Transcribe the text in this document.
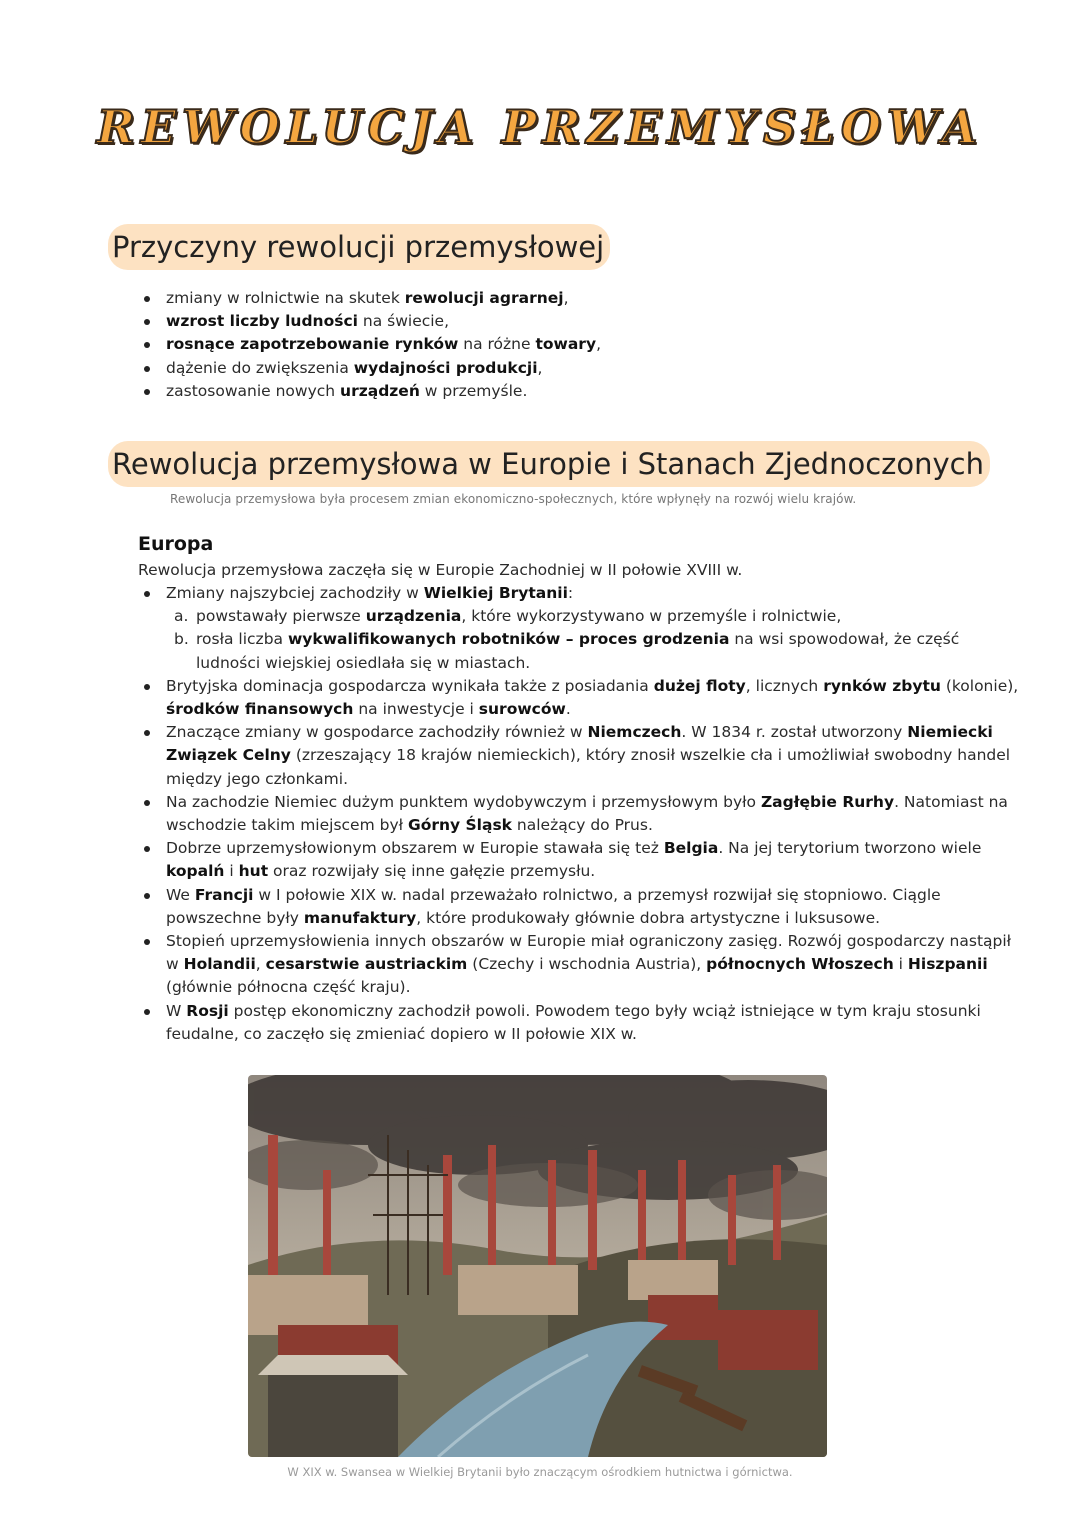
REWOLUCJA PRZEMYSŁOWA
Przyczyny rewolucji przemysłowej
zmiany w rolnictwie na skutek rewolucji agrarnej,
wzrost liczby ludności na świecie,
rosnące zapotrzebowanie rynków na różne towary,
dążenie do zwiększenia wydajności produkcji,
zastosowanie nowych urządzeń w przemyśle.
Rewolucja przemysłowa w Europie i Stanach Zjednoczonych
Rewolucja przemysłowa była procesem zmian ekonomiczno-społecznych, które wpłynęły na rozwój wielu krajów.
Europa
Rewolucja przemysłowa zaczęła się w Europie Zachodniej w II połowie XVIII w.
Zmiany najszybciej zachodziły w Wielkiej Brytanii:
a. powstawały pierwsze urządzenia, które wykorzystywano w przemyśle i rolnictwie,
b. rosła liczba wykwalifikowanych robotników – proces grodzenia na wsi spowodował, że część ludności wiejskiej osiedlała się w miastach.
Brytyjska dominacja gospodarcza wynikała także z posiadania dużej floty, licznych rynków zbytu (kolonie), środków finansowych na inwestycje i surowców.
Znaczące zmiany w gospodarce zachodziły również w Niemczech. W 1834 r. został utworzony Niemiecki Związek Celny (zrzeszający 18 krajów niemieckich), który znosił wszelkie cła i umożliwiał swobodny handel między jego członkami.
Na zachodzie Niemiec dużym punktem wydobywczym i przemysłowym było Zagłębie Rurhy. Natomiast na wschodzie takim miejscem był Górny Śląsk należący do Prus.
Dobrze uprzemysłowionym obszarem w Europie stawała się też Belgia. Na jej terytorium tworzono wiele kopalń i hut oraz rozwijały się inne gałęzie przemysłu.
We Francji w I połowie XIX w. nadal przeważało rolnictwo, a przemysł rozwijał się stopniowo. Ciągle powszechne były manufaktury, które produkowały głównie dobra artystyczne i luksusowe.
Stopień uprzemysłowienia innych obszarów w Europie miał ograniczony zasięg. Rozwój gospodarczy nastąpił w Holandii, cesarstwie austriackim (Czechy i wschodnia Austria), północnych Włoszech i Hiszpanii (głównie północna część kraju).
W Rosji postęp ekonomiczny zachodził powoli. Powodem tego były wciąż istniejące w tym kraju stosunki feudalne, co zaczęło się zmieniać dopiero w II połowie XIX w.
W XIX w. Swansea w Wielkiej Brytanii było znaczącym ośrodkiem hutnictwa i górnictwa.
